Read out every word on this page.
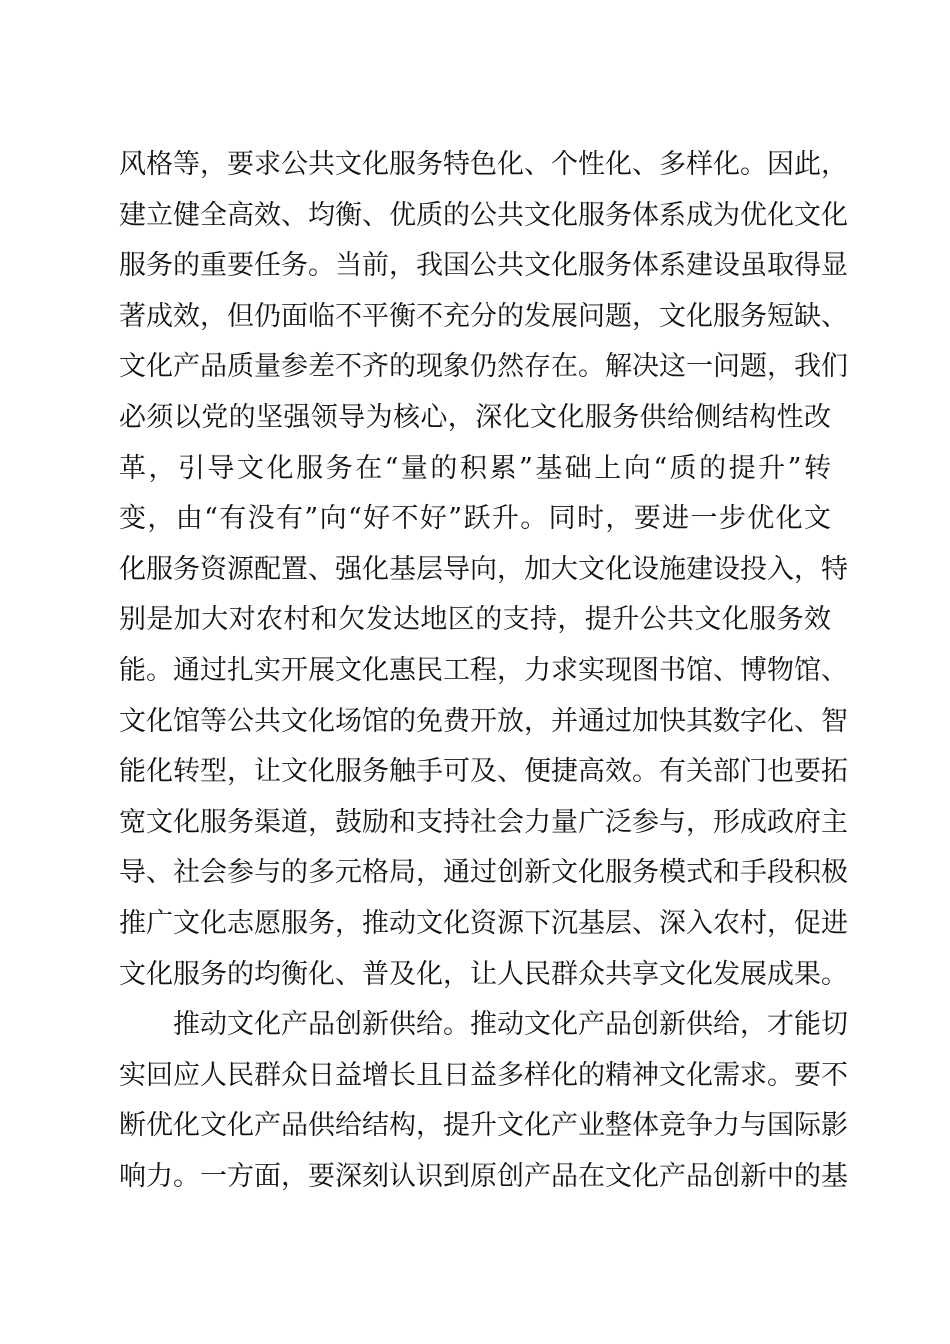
风格等，要求公共文化服务特色化、个性化、多样化。因此，
建立健全高效、均衡、优质的公共文化服务体系成为优化文化
服务的重要任务。当前，我国公共文化服务体系建设虽取得显
著成效，但仍面临不平衡不充分的发展问题，文化服务短缺、
文化产品质量参差不齐的现象仍然存在。解决这一问题，我们
必须以党的坚强领导为核心，深化文化服务供给侧结构性改
革，引导文化服务在“量的积累”基础上向“质的提升”转
变，由“有没有”向“好不好”跃升。同时，要进一步优化文
化服务资源配置、强化基层导向，加大文化设施建设投入，特
别是加大对农村和欠发达地区的支持，提升公共文化服务效
能。通过扎实开展文化惠民工程，力求实现图书馆、博物馆、
文化馆等公共文化场馆的免费开放，并通过加快其数字化、智
能化转型，让文化服务触手可及、便捷高效。有关部门也要拓
宽文化服务渠道，鼓励和支持社会力量广泛参与，形成政府主
导、社会参与的多元格局，通过创新文化服务模式和手段积极
推广文化志愿服务，推动文化资源下沉基层、深入农村，促进
文化服务的均衡化、普及化，让人民群众共享文化发展成果。
　　推动文化产品创新供给。推动文化产品创新供给，才能切
实回应人民群众日益增长且日益多样化的精神文化需求。要不
断优化文化产品供给结构，提升文化产业整体竞争力与国际影
响力。一方面，要深刻认识到原创产品在文化产品创新中的基
